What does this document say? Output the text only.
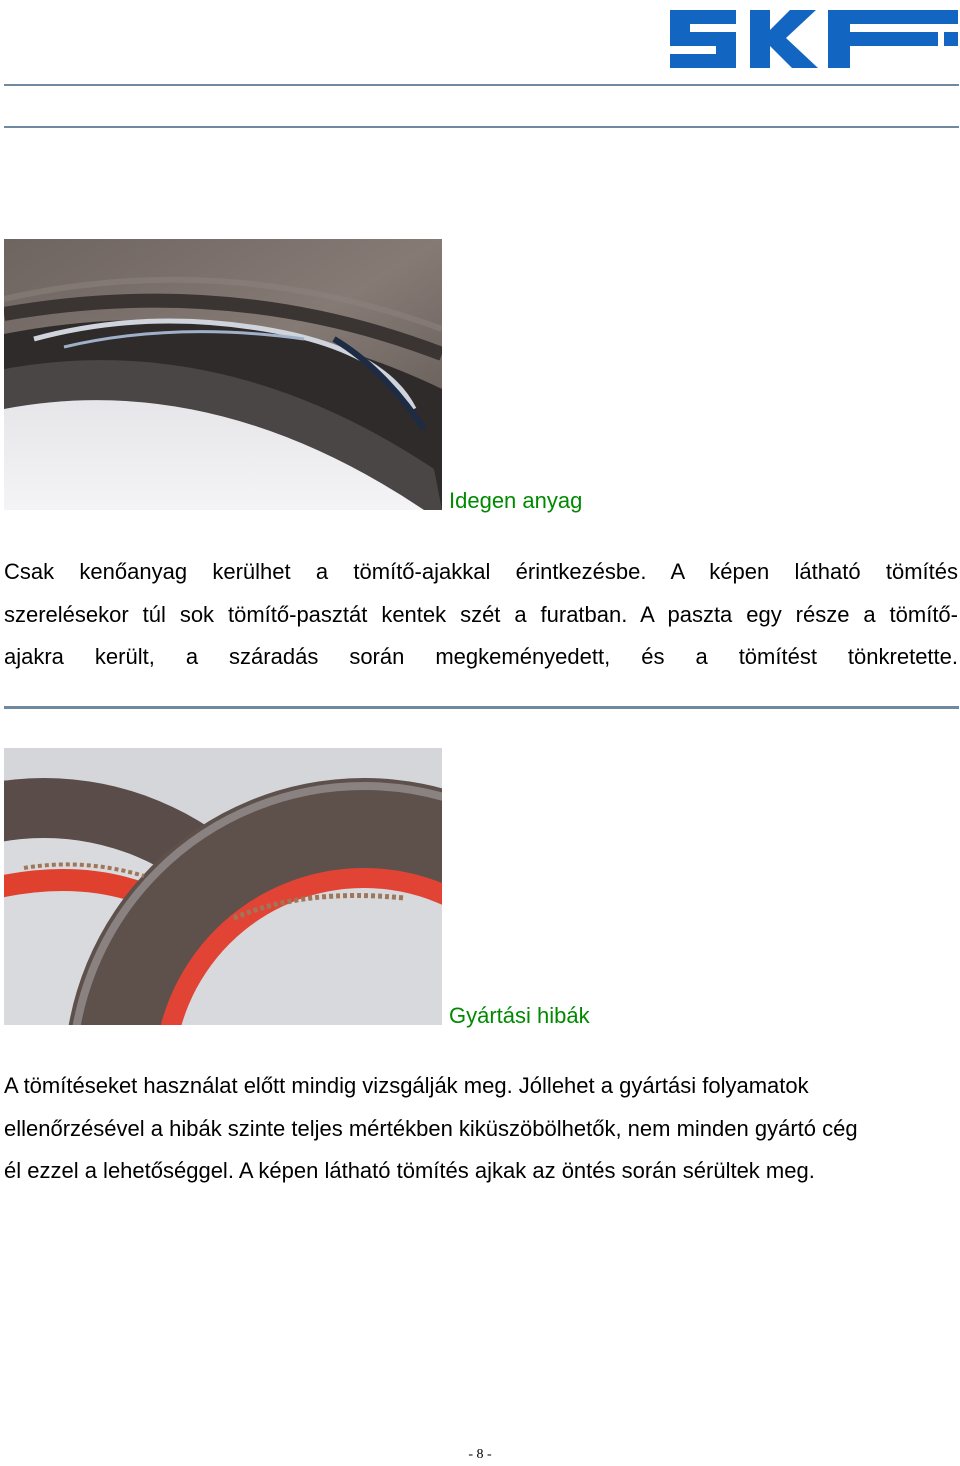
Idegen anyag

Csak kenőanyag kerülhet a tömítő-ajakkal érintkezésbe. A képen látható tömítés

szerelésekor túl sok tömítő-pasztát kentek szét a furatban. A paszta egy része a tömítő-

ajakra került, a száradás során megkeményedett, és a tömítést tönkretette.

Gyártási hibák

A tömítéseket használat előtt mindig vizsgálják meg. Jóllehet a gyártási folyamatok

ellenőrzésével a hibák szinte teljes mértékben kiküszöbölhetők, nem minden gyártó cég

él ezzel a lehetőséggel. A képen látható tömítés ajkak az öntés során sérültek meg.

- 8 -
